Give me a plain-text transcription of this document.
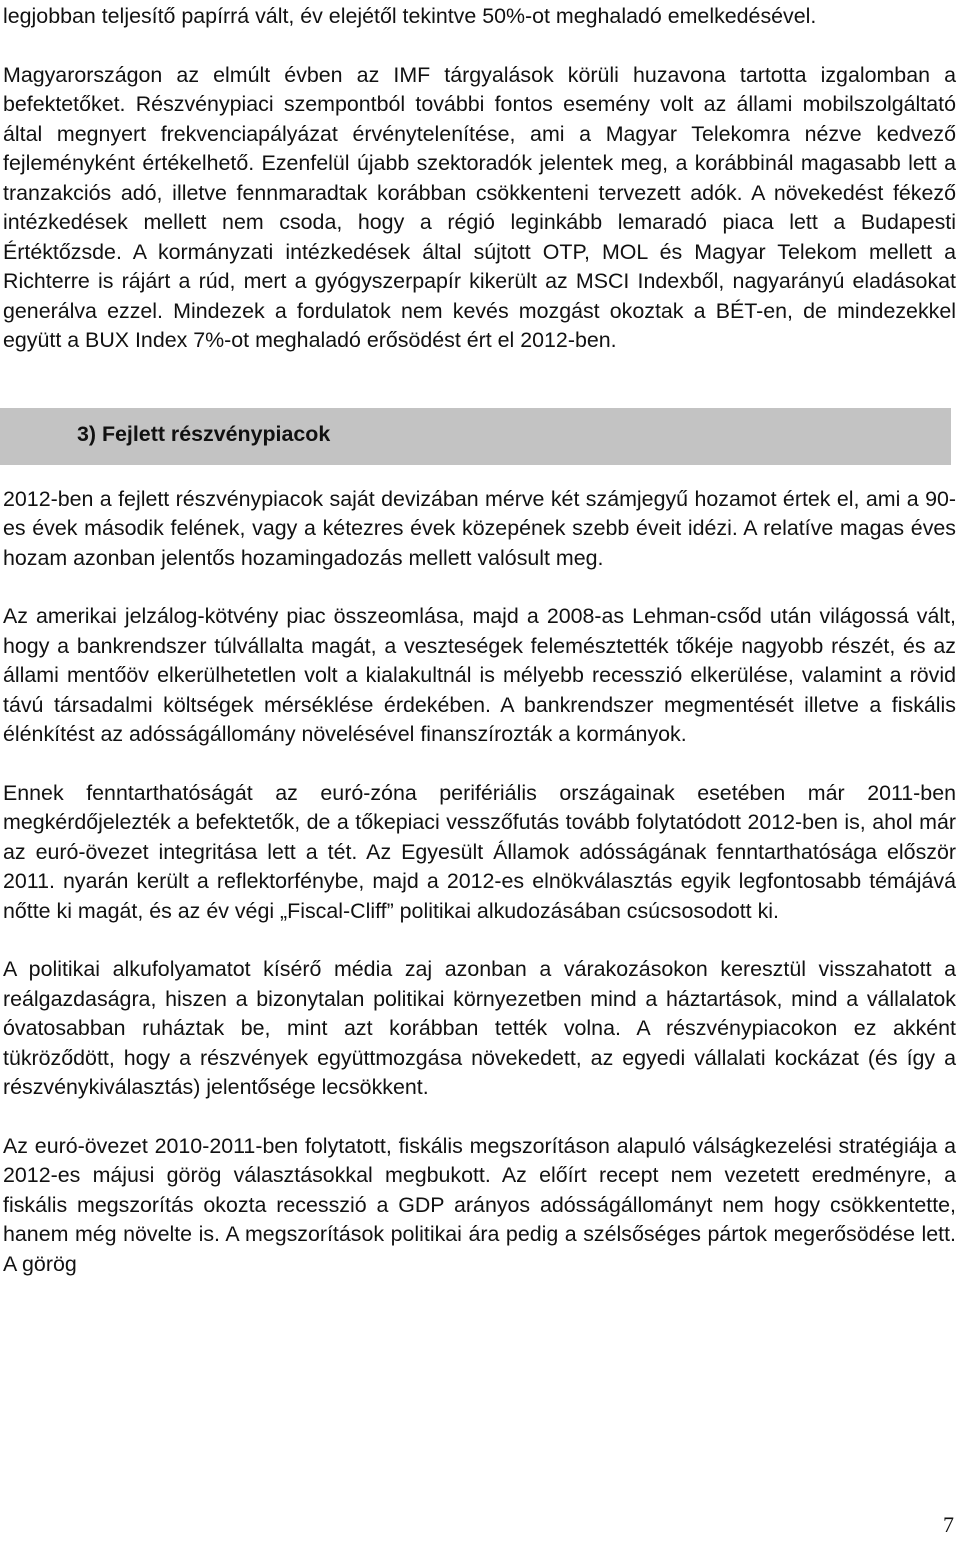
legjobban teljesítő papírrá vált, év elejétől tekintve 50%-ot meghaladó emelkedésével.

Magyarországon az elmúlt évben az IMF tárgyalások körüli huzavona tartotta izgalomban a befektetőket. Részvénypiaci szempontból további fontos esemény volt az állami mobilszolgáltató által megnyert frekvenciapályázat érvénytelenítése, ami a Magyar Telekomra nézve kedvező fejleményként értékelhető. Ezenfelül újabb szektoradók jelentek meg, a korábbinál magasabb lett a tranzakciós adó, illetve fennmaradtak korábban csökkenteni tervezett adók. A növekedést fékező intézkedések mellett nem csoda, hogy a régió leginkább lemaradó piaca lett a Budapesti Értéktőzsde. A kormányzati intézkedések által sújtott OTP, MOL és Magyar Telekom mellett a Richterre is rájárt a rúd, mert a gyógyszerpapír kikerült az MSCI Indexből, nagyarányú eladásokat generálva ezzel. Mindezek a fordulatok nem kevés mozgást okoztak a BÉT-en, de mindezekkel együtt a BUX Index 7%-ot meghaladó erősödést ért el 2012-ben.

3) Fejlett részvénypiacok

2012-ben a fejlett részvénypiacok saját devizában mérve két számjegyű hozamot értek el, ami a 90-es évek második felének, vagy a kétezres évek közepének szebb éveit idézi. A relatíve magas éves hozam azonban jelentős hozamingadozás mellett valósult meg.

Az amerikai jelzálog-kötvény piac összeomlása, majd a 2008-as Lehman-csőd után világossá vált, hogy a bankrendszer túlvállalta magát, a veszteségek felemésztették tőkéje nagyobb részét, és az állami mentőöv elkerülhetetlen volt a kialakultnál is mélyebb recesszió elkerülése, valamint a rövid távú társadalmi költségek mérséklése érdekében. A bankrendszer megmentését illetve a fiskális élénkítést az adósságállomány növelésével finanszírozták a kormányok.

Ennek fenntarthatóságát az euró-zóna perifériális országainak esetében már 2011-ben megkérdőjelezték a befektetők, de a tőkepiaci vesszőfutás tovább folytatódott 2012-ben is, ahol már az euró-övezet integritása lett a tét. Az Egyesült Államok adósságának fenntarthatósága először 2011. nyarán került a reflektorfénybe, majd a 2012-es elnökválasztás egyik legfontosabb témájává nőtte ki magát, és az év végi „Fiscal-Cliff” politikai alkudozásában csúcsosodott ki.

A politikai alkufolyamatot kísérő média zaj azonban a várakozásokon keresztül visszahatott a reálgazdaságra, hiszen a bizonytalan politikai környezetben mind a háztartások, mind a vállalatok óvatosabban ruháztak be, mint azt korábban tették volna. A részvénypiacokon ez akként tükröződött, hogy a részvények együttmozgása növekedett, az egyedi vállalati kockázat (és így a részvénykiválasztás) jelentősége lecsökkent.

Az euró-övezet 2010-2011-ben folytatott, fiskális megszorításon alapuló válságkezelési stratégiája a 2012-es májusi görög választásokkal megbukott. Az előírt recept nem vezetett eredményre, a fiskális megszorítás okozta recesszió a GDP arányos adósságállományt nem hogy csökkentette, hanem még növelte is. A megszorítások politikai ára pedig a szélsőséges pártok megerősödése lett. A görög

7
